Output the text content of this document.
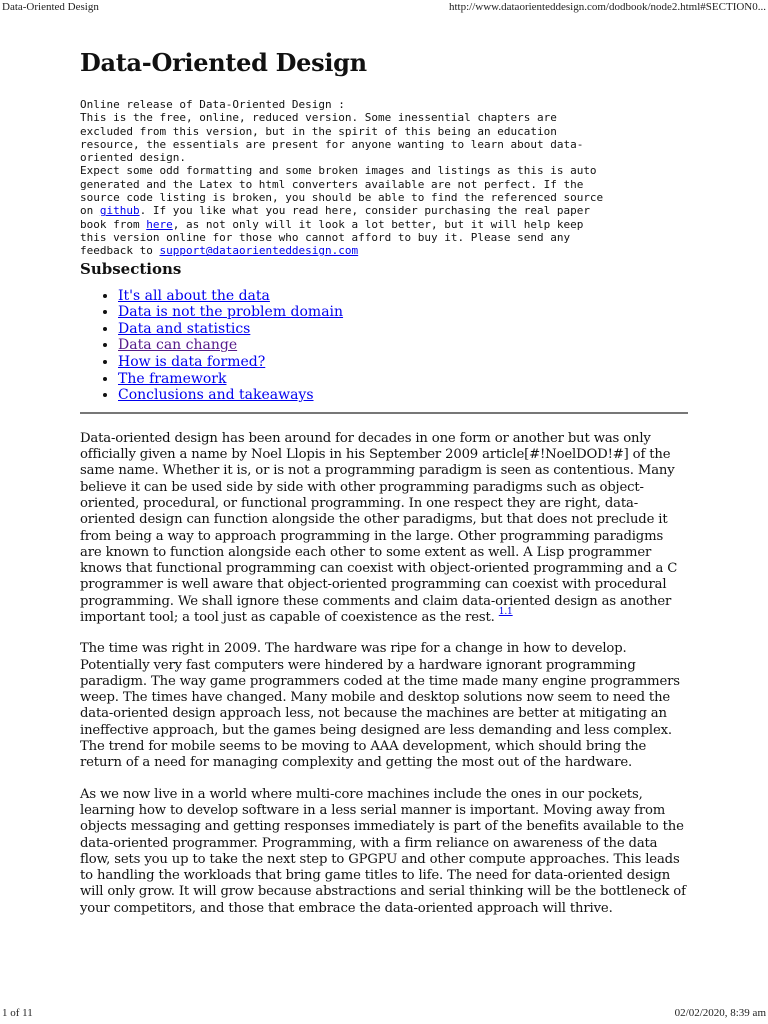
Data-Oriented Design	http://www.dataorienteddesign.com/dodbook/node2.html#SECTION0...
Data-Oriented Design
Online release of Data-Oriented Design :
This is the free, online, reduced version. Some inessential chapters are
excluded from this version, but in the spirit of this being an education
resource, the essentials are present for anyone wanting to learn about data-
oriented design.
Expect some odd formatting and some broken images and listings as this is auto
generated and the Latex to html converters available are not perfect. If the
source code listing is broken, you should be able to find the referenced source
on github. If you like what you read here, consider purchasing the real paper
book from here, as not only will it look a lot better, but it will help keep
this version online for those who cannot afford to buy it. Please send any
feedback to support@dataorienteddesign.com
Subsections
• It's all about the data
• Data is not the problem domain
• Data and statistics
• Data can change
• How is data formed?
• The framework
• Conclusions and takeaways

Data-oriented design has been around for decades in one form or another but was only officially given a name by Noel Llopis in his September 2009 article[#!NoelDOD!#] of the same name. Whether it is, or is not a programming paradigm is seen as contentious. Many believe it can be used side by side with other programming paradigms such as object-oriented, procedural, or functional programming. In one respect they are right, data-oriented design can function alongside the other paradigms, but that does not preclude it from being a way to approach programming in the large. Other programming paradigms are known to function alongside each other to some extent as well. A Lisp programmer knows that functional programming can coexist with object-oriented programming and a C programmer is well aware that object-oriented programming can coexist with procedural programming. We shall ignore these comments and claim data-oriented design as another important tool; a tool just as capable of coexistence as the rest. $^{1.1}$

The time was right in 2009. The hardware was ripe for a change in how to develop. Potentially very fast computers were hindered by a hardware ignorant programming paradigm. The way game programmers coded at the time made many engine programmers weep. The times have changed. Many mobile and desktop solutions now seem to need the data-oriented design approach less, not because the machines are better at mitigating an ineffective approach, but the games being designed are less demanding and less complex. The trend for mobile seems to be moving to AAA development, which should bring the return of a need for managing complexity and getting the most out of the hardware.

As we now live in a world where multi-core machines include the ones in our pockets, learning how to develop software in a less serial manner is important. Moving away from objects messaging and getting responses immediately is part of the benefits available to the data-oriented programmer. Programming, with a firm reliance on awareness of the data flow, sets you up to take the next step to GPGPU and other compute approaches. This leads to handling the workloads that bring game titles to life. The need for data-oriented design will only grow. It will grow because abstractions and serial thinking will be the bottleneck of your competitors, and those that embrace the data-oriented approach will thrive.

1 of 11	02/02/2020, 8:39 am
